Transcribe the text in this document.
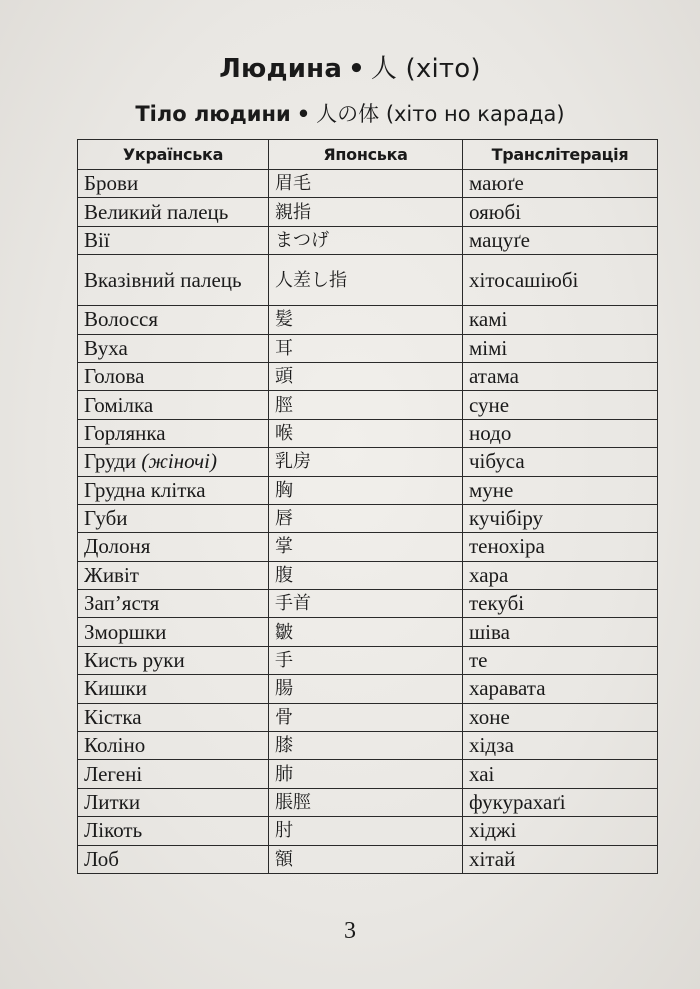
Людина • 人 (хіто)
Тіло людини • 人の体 (хіто но карада)
Українська	Японська	Транслітерація
Брови	眉毛	маюґе
Великий палець	親指	ояюбі
Вії	まつげ	мацуґе
Вказівний палець	人差し指	хітосашіюбі
Волосся	髪	камі
Вуха	耳	мімі
Голова	頭	атама
Гомілка	脛	суне
Горлянка	喉	нодо
Груди (жіночі)	乳房	чібуса
Грудна клітка	胸	муне
Губи	唇	кучібіру
Долоня	掌	тенохіра
Живіт	腹	хара
Зап’ястя	手首	текубі
Зморшки	皺	шіва
Кисть руки	手	те
Кишки	腸	харавата
Кістка	骨	хоне
Коліно	膝	хідза
Легені	肺	хаі
Литки	脹脛	фукурахаґі
Лікоть	肘	хіджі
Лоб	額	хітай
3
